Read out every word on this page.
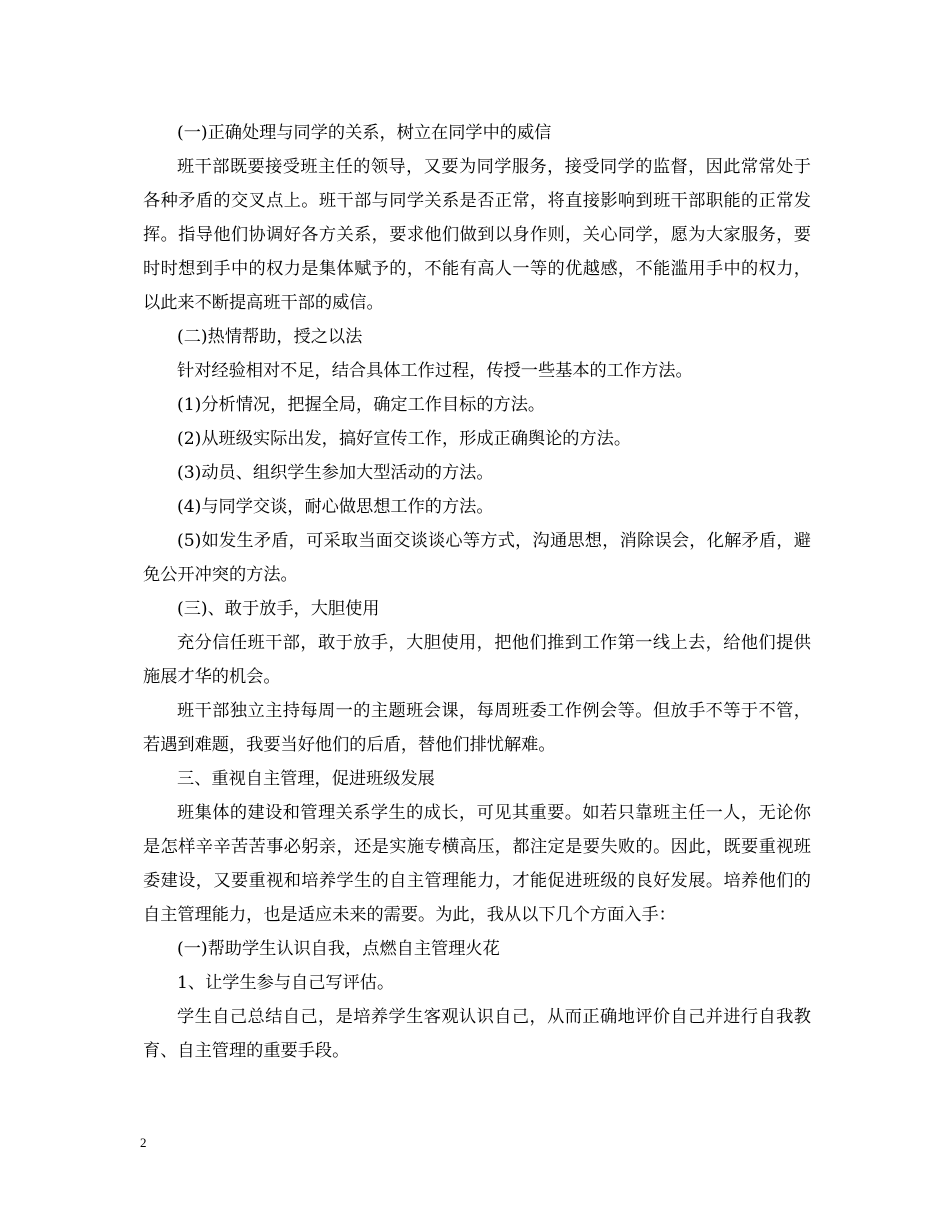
(一)正确处理与同学的关系，树立在同学中的威信

班干部既要接受班主任的领导，又要为同学服务，接受同学的监督，因此常常处于各种矛盾的交叉点上。班干部与同学关系是否正常，将直接影响到班干部职能的正常发挥。指导他们协调好各方关系，要求他们做到以身作则，关心同学，愿为大家服务，要时时想到手中的权力是集体赋予的，不能有高人一等的优越感，不能滥用手中的权力，以此来不断提高班干部的威信。

(二)热情帮助，授之以法

针对经验相对不足，结合具体工作过程，传授一些基本的工作方法。

(1)分析情况，把握全局，确定工作目标的方法。

(2)从班级实际出发，搞好宣传工作，形成正确舆论的方法。

(3)动员、组织学生参加大型活动的方法。

(4)与同学交谈，耐心做思想工作的方法。

(5)如发生矛盾，可采取当面交谈谈心等方式，沟通思想，消除误会，化解矛盾，避免公开冲突的方法。

(三)、敢于放手，大胆使用

充分信任班干部，敢于放手，大胆使用，把他们推到工作第一线上去，给他们提供施展才华的机会。

班干部独立主持每周一的主题班会课，每周班委工作例会等。但放手不等于不管，若遇到难题，我要当好他们的后盾，替他们排忧解难。

三、重视自主管理，促进班级发展

班集体的建设和管理关系学生的成长，可见其重要。如若只靠班主任一人，无论你是怎样辛辛苦苦事必躬亲，还是实施专横高压，都注定是要失败的。因此，既要重视班委建设，又要重视和培养学生的自主管理能力，才能促进班级的良好发展。培养他们的自主管理能力，也是适应未来的需要。为此，我从以下几个方面入手：

(一)帮助学生认识自我，点燃自主管理火花

1、让学生参与自己写评估。

学生自己总结自己，是培养学生客观认识自己，从而正确地评价自己并进行自我教育、自主管理的重要手段。

2
